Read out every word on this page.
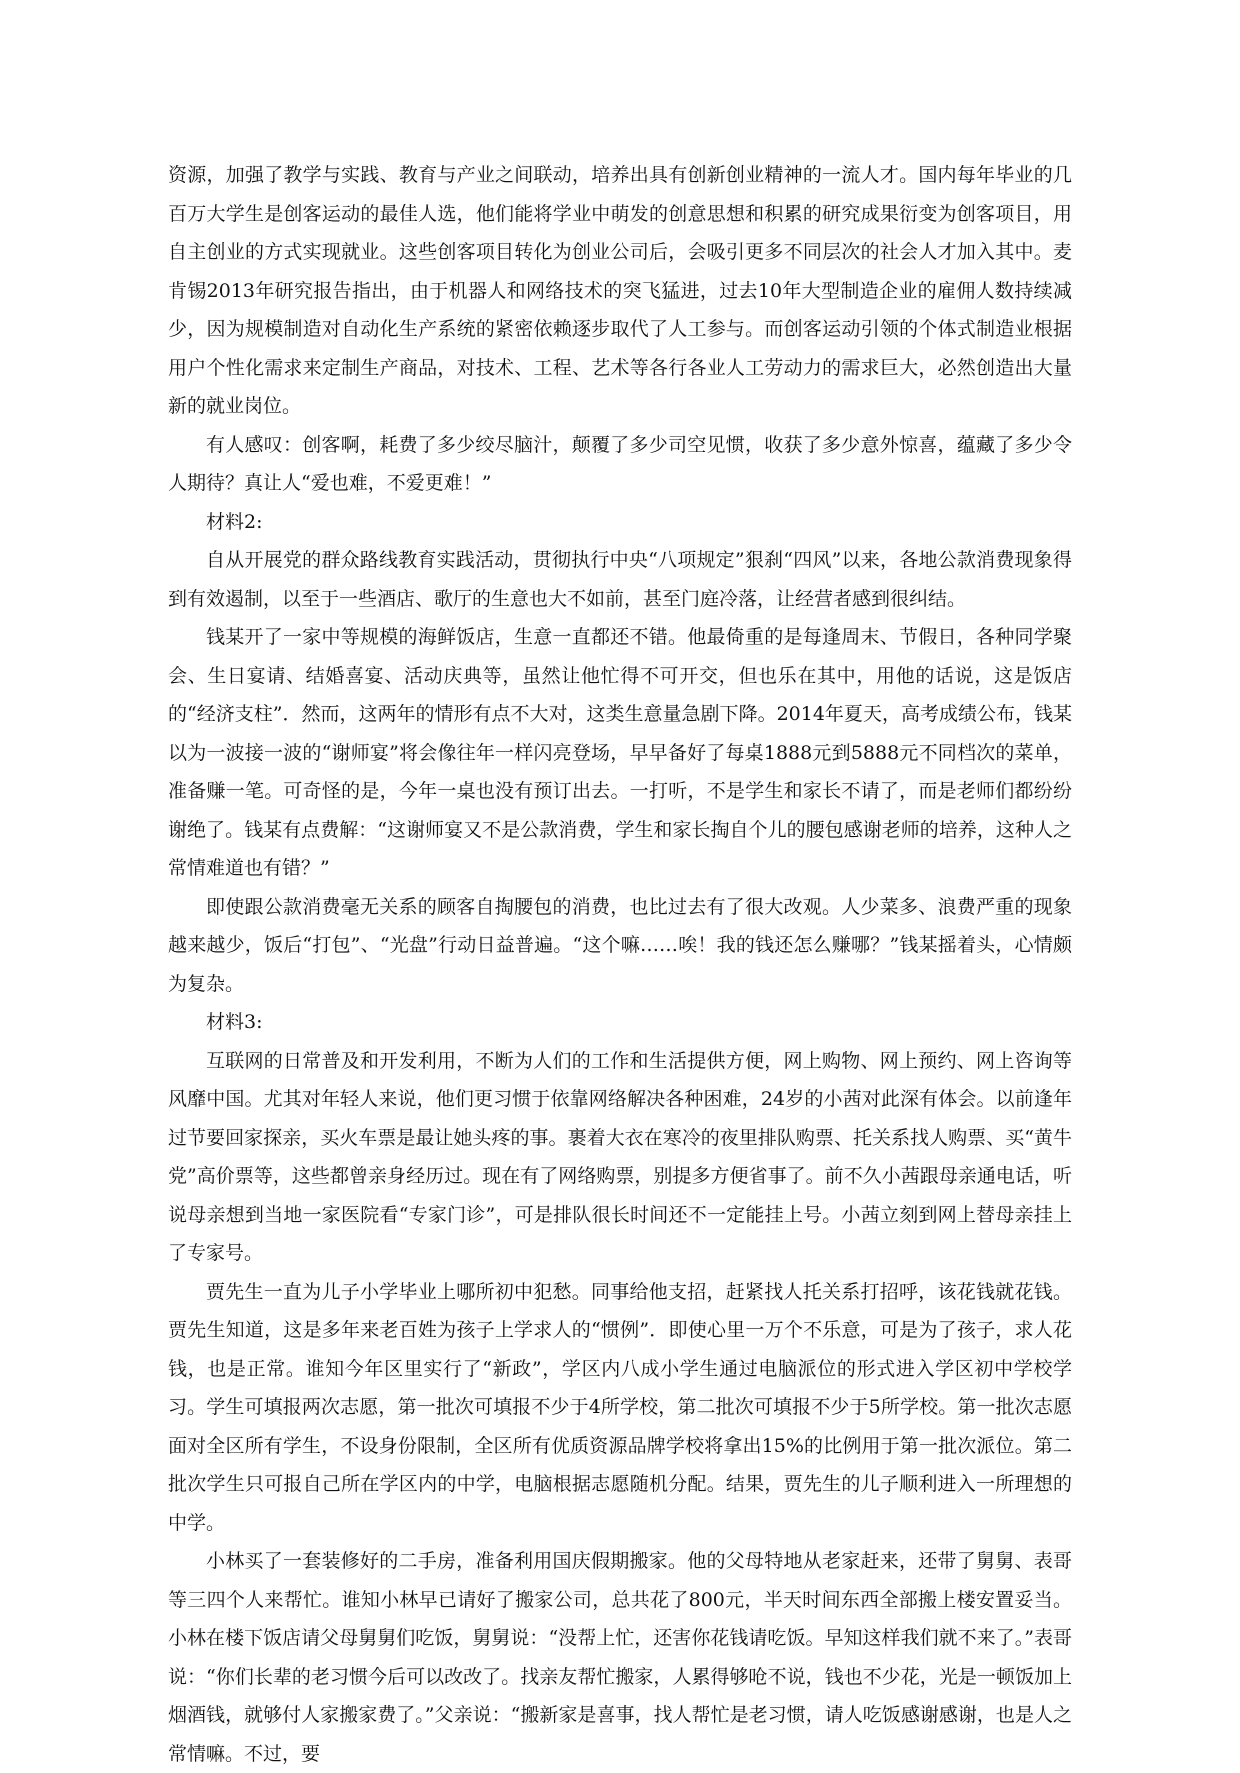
资源，加强了教学与实践、教育与产业之间联动，培养出具有创新创业精神的一流人才。国内每年毕业的几百万大学生是创客运动的最佳人选，他们能将学业中萌发的创意思想和积累的研究成果衍变为创客项目，用自主创业的方式实现就业。这些创客项目转化为创业公司后，会吸引更多不同层次的社会人才加入其中。麦肯锡2013年研究报告指出，由于机器人和网络技术的突飞猛进，过去10年大型制造企业的雇佣人数持续减少，因为规模制造对自动化生产系统的紧密依赖逐步取代了人工参与。而创客运动引领的个体式制造业根据用户个性化需求来定制生产商品，对技术、工程、艺术等各行各业人工劳动力的需求巨大，必然创造出大量新的就业岗位。

有人感叹：创客啊，耗费了多少绞尽脑汁，颠覆了多少司空见惯，收获了多少意外惊喜，蕴藏了多少令人期待？真让人“爱也难，不爱更难！”

材料2:

自从开展党的群众路线教育实践活动，贯彻执行中央“八项规定”狠刹“四风”以来，各地公款消费现象得到有效遏制，以至于一些酒店、歌厅的生意也大不如前，甚至门庭冷落，让经营者感到很纠结。

钱某开了一家中等规模的海鲜饭店，生意一直都还不错。他最倚重的是每逢周末、节假日，各种同学聚会、生日宴请、结婚喜宴、活动庆典等，虽然让他忙得不可开交，但也乐在其中，用他的话说，这是饭店的“经济支柱”．然而，这两年的情形有点不大对，这类生意量急剧下降。2014年夏天，高考成绩公布，钱某以为一波接一波的“谢师宴”将会像往年一样闪亮登场，早早备好了每桌1888元到5888元不同档次的菜单，准备赚一笔。可奇怪的是，今年一桌也没有预订出去。一打听，不是学生和家长不请了，而是老师们都纷纷谢绝了。钱某有点费解：“这谢师宴又不是公款消费，学生和家长掏自个儿的腰包感谢老师的培养，这种人之常情难道也有错？”

即使跟公款消费毫无关系的顾客自掏腰包的消费，也比过去有了很大改观。人少菜多、浪费严重的现象越来越少，饭后“打包”、“光盘”行动日益普遍。“这个嘛……唉！我的钱还怎么赚哪？”钱某摇着头，心情颇为复杂。

材料3:

互联网的日常普及和开发利用，不断为人们的工作和生活提供方便，网上购物、网上预约、网上咨询等风靡中国。尤其对年轻人来说，他们更习惯于依靠网络解决各种困难，24岁的小茜对此深有体会。以前逢年过节要回家探亲，买火车票是最让她头疼的事。裹着大衣在寒冷的夜里排队购票、托关系找人购票、买“黄牛党”高价票等，这些都曾亲身经历过。现在有了网络购票，别提多方便省事了。前不久小茜跟母亲通电话，听说母亲想到当地一家医院看“专家门诊”，可是排队很长时间还不一定能挂上号。小茜立刻到网上替母亲挂上了专家号。

贾先生一直为儿子小学毕业上哪所初中犯愁。同事给他支招，赶紧找人托关系打招呼，该花钱就花钱。贾先生知道，这是多年来老百姓为孩子上学求人的“惯例”．即使心里一万个不乐意，可是为了孩子，求人花钱，也是正常。谁知今年区里实行了“新政”，学区内八成小学生通过电脑派位的形式进入学区初中学校学习。学生可填报两次志愿，第一批次可填报不少于4所学校，第二批次可填报不少于5所学校。第一批次志愿面对全区所有学生，不设身份限制，全区所有优质资源品牌学校将拿出15%的比例用于第一批次派位。第二批次学生只可报自己所在学区内的中学，电脑根据志愿随机分配。结果，贾先生的儿子顺利进入一所理想的中学。

小林买了一套装修好的二手房，准备利用国庆假期搬家。他的父母特地从老家赶来，还带了舅舅、表哥等三四个人来帮忙。谁知小林早已请好了搬家公司，总共花了800元，半天时间东西全部搬上楼安置妥当。小林在楼下饭店请父母舅舅们吃饭，舅舅说：“没帮上忙，还害你花钱请吃饭。早知这样我们就不来了。”表哥说：“你们长辈的老习惯今后可以改改了。找亲友帮忙搬家，人累得够呛不说，钱也不少花，光是一顿饭加上烟酒钱，就够付人家搬家费了。”父亲说：“搬新家是喜事，找人帮忙是老习惯，请人吃饭感谢感谢，也是人之常情嘛。不过，要
